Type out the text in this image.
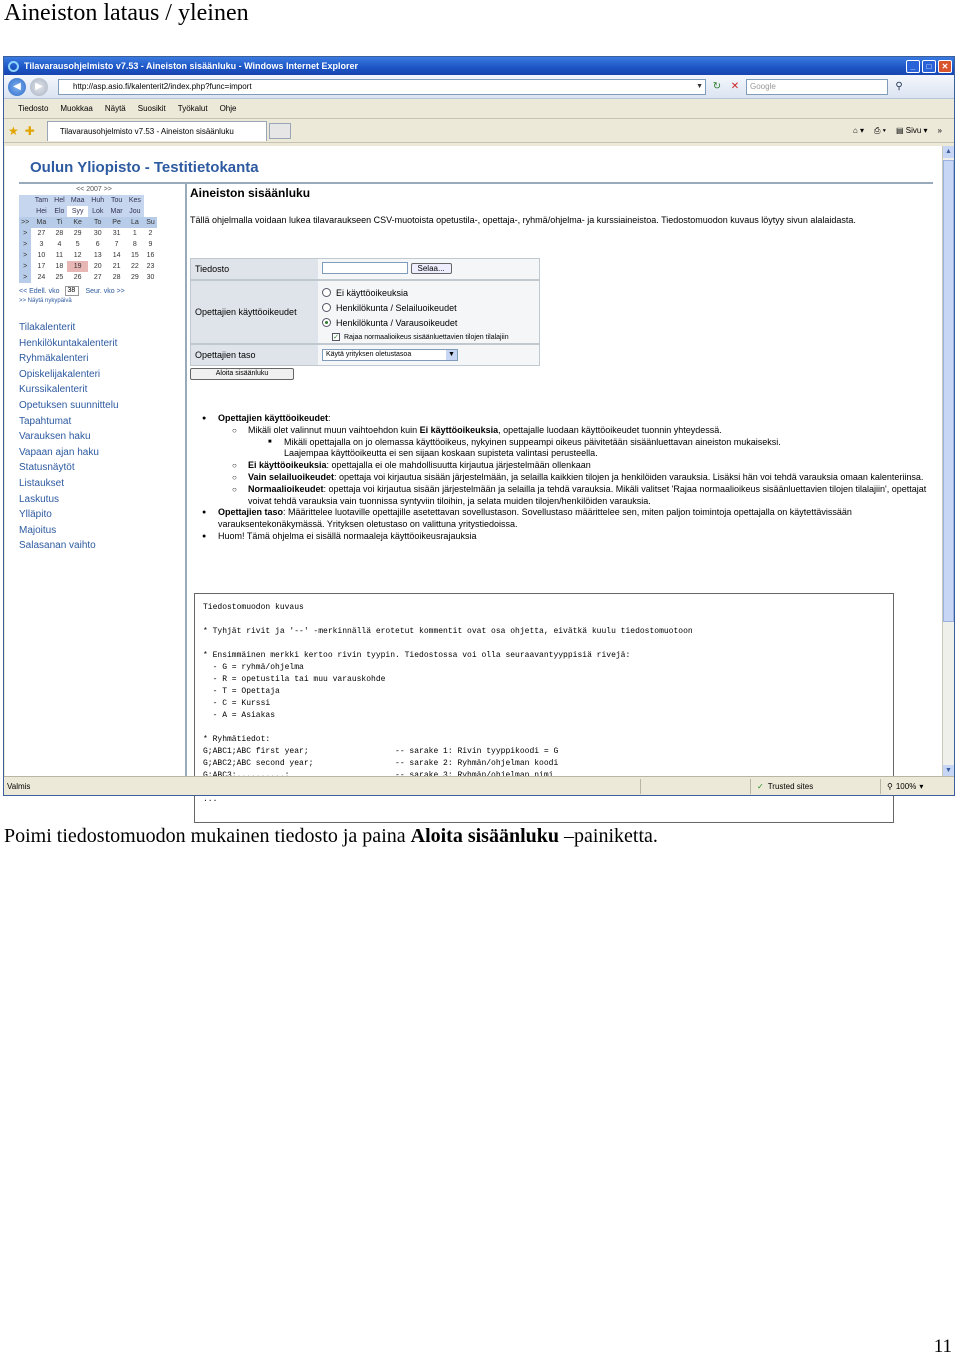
Aineiston lataus / yleinen
Tilavarausohjelmisto v7.53 - Aineiston sisäänluku - Windows Internet Explorer	_	□	✕
◀	▶	http://asp.asio.fi/kalenterit2/index.php?func=import	▼ ↻ ✕	Google	⚲
Tiedosto Muokkaa Näytä Suosikit Työkalut Ohje
★ ✚	Tilavarausohjelmisto v7.53 - Aineiston sisäänluku	⌂ ▾ ⎙ ▾ ▤ Sivu ▾ »
Oulun Yliopisto - Testitietokanta
<< 2007 >>
	Tam	Hel	Maa	Huh	Tou	Kes	
	Hei	Elo	Syy	Lok	Mar	Jou	
>>	Ma	Ti	Ke	To	Pe	La	Su
>	27	28	29	30	31	1	2
>	3	4	5	6	7	8	9
>	10	11	12	13	14	15	16
>	17	18	19	20	21	22	23
>	24	25	26	27	28	29	30
<< Edell. vko 38	Seur. vko >>
>> Näytä nykypäivä
Tilakalenterit
Henkilökuntakalenterit
Ryhmäkalenteri
Opiskelijakalenteri
Kurssikalenterit
Opetuksen suunnittelu
Tapahtumat
Varauksen haku
Vapaan ajan haku
Statusnäytöt
Listaukset
Laskutus
Ylläpito
Majoitus
Salasanan vaihto
Aineiston sisäänluku
Tällä ohjelmalla voidaan lukea tilavaraukseen CSV-muotoista opetustila-, opettaja-, ryhmä/ohjelma- ja kurssiaineistoa. Tiedostomuodon kuvaus löytyy sivun alalaidasta.
Tiedosto	Selaa...
Opettajien käyttöoikeudet
Ei käyttöoikeuksia
Henkilökunta / Selailuoikeudet
Henkilökunta / Varausoikeudet
✓ Rajaa normaalioikeus sisäänluettavien tilojen tilalajiin
Opettajien taso	Käytä yrityksen oletustasoa	▼
Aloita sisäänluku
● Opettajien käyttöoikeudet:
○ Mikäli olet valinnut muun vaihtoehdon kuin Ei käyttöoikeuksia, opettajalle luodaan käyttöoikeudet tuonnin yhteydessä.
■ Mikäli opettajalla on jo olemassa käyttöoikeus, nykyinen suppeampi oikeus päivitetään sisäänluettavan aineiston mukaiseksi.
Laajempaa käyttöoikeutta ei sen sijaan koskaan supisteta valintasi perusteella.
○ Ei käyttöoikeuksia: opettajalla ei ole mahdollisuutta kirjautua järjestelmään ollenkaan
○ Vain selailuoikeudet: opettaja voi kirjautua sisään järjestelmään, ja selailla kaikkien tilojen ja henkilöiden varauksia. Lisäksi hän voi tehdä varauksia omaan kalenteriinsa.
○ Normaalioikeudet: opettaja voi kirjautua sisään järjestelmään ja selailla ja tehdä varauksia. Mikäli valitset 'Rajaa normaalioikeus sisäänluettavien tilojen tilalajiin', opettajat voivat tehdä varauksia vain tuonnissa syntyviin tiloihin, ja selata muiden tilojen/henkilöiden varauksia.
● Opettajien taso: Määrittelee luotaville opettajille asetettavan sovellustason. Sovellustaso määrittelee sen, miten paljon toimintoja opettajalla on käytettävissään varauksentekonäkymässä. Yrityksen oletustaso on valittuna yritystiedoissa.
● Huom! Tämä ohjelma ei sisällä normaaleja käyttöoikeusrajauksia
Tiedostomuodon kuvaus
* Tyhjät rivit ja '--' -merkinnällä erotetut kommentit ovat osa ohjetta, eivätkä kuulu tiedostomuotoon
* Ensimmäinen merkki kertoo rivin tyypin. Tiedostossa voi olla seuraavantyyppisiä rivejä:
- G = ryhmä/ohjelma
- R = opetustila tai muu varauskohde
- T = Opettaja
- C = Kurssi
- A = Asiakas
* Ryhmätiedot:
G;ABC1;ABC first year;                  -- sarake 1: Rivin tyyppikoodi = G
G;ABC2;ABC second year;                 -- sarake 2: Ryhmän/ohjelman koodi
...
▲
▼
Valmis	✓ Trusted sites	⚲ 100% ▾
Poimi tiedostomuodon mukainen tiedosto ja paina Aloita sisäänluku –painiketta.
11
